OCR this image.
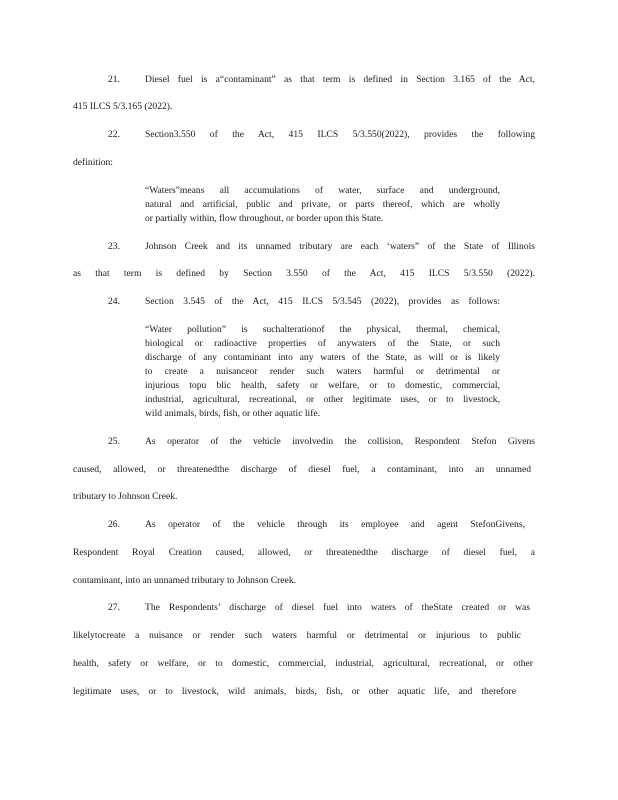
21.	Diesel fuel is a“contaminant” as that term is defined in Section 3.165 of the Act,
415 ILCS 5/3.165 (2022).
22.	Section3.550 of the Act, 415 ILCS 5/3.550(2022), provides the following
definition:
“Waters”means all accumulations of water, surface and underground,
natural and artificial, public and private, or parts thereof, which are wholly
or partially within, flow throughout, or border upon this State.
23.	Johnson Creek and its unnamed tributary are each ‘waters” of the State of Illinois
as that term is defined by Section 3.550 of the Act, 415 ILCS 5/3.550 (2022).
24.	Section 3.545 of the Act, 415 ILCS 5/3.545 (2022), provides as follows:
“Water pollution” is suchalterationof the physical, thermal, chemical,
biological or radioactive properties of anywaters of the State, or such
discharge of any contaminant into any waters of the State, as will or is likely
to create a nuisanceor render such waters harmful or detrimental or
injurious topu blic health, safety or welfare, or to domestic, commercial,
industrial, agricultural, recreational, or other legitimate uses, or to livestock,
wild animals, birds, fish, or other aquatic life.
25.	As operator of the vehicle involvedin the collision, Respondent Stefon Givens
caused, allowed, or threatenedthe discharge of diesel fuel, a contaminant, into an unnamed
tributary to Johnson Creek.
26.	As operator of the vehicle through its employee and agent StefonGivens,
Respondent Royal Creation caused, allowed, or threatenedthe discharge of diesel fuel, a
contaminant, into an unnamed tributary to Johnson Creek.
27.	The Respondents’ discharge of diesel fuel into waters of theState created or was
likelytocreate a nuisance or render such waters harmful or detrimental or injurious to public
health, safety or welfare, or to domestic, commercial, industrial, agricultural, recreational, or other
legitimate uses, or to livestock, wild animals, birds, fish, or other aquatic life, and therefore
